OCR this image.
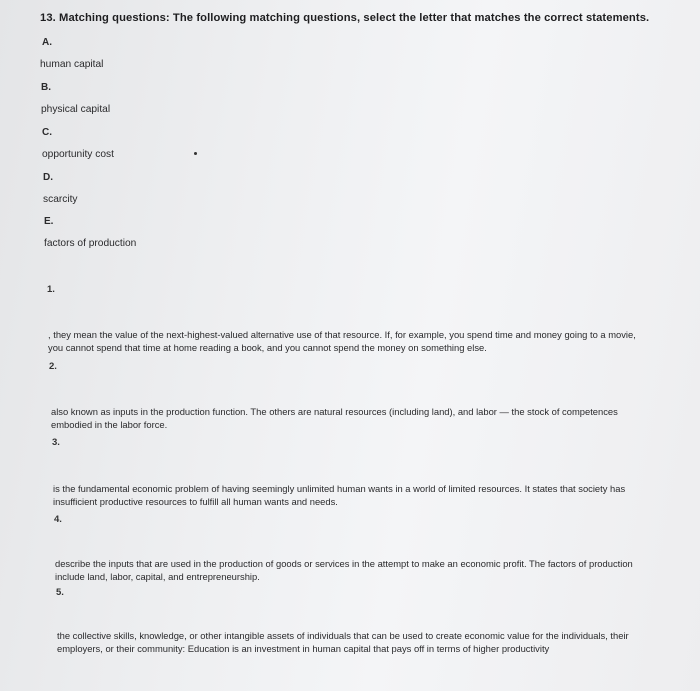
13. Matching questions: The following matching questions, select the letter that matches the correct statements.
A.
human capital
B.
physical capital
C.
opportunity cost
D.
scarcity
E.
factors of production
1.
, they mean the value of the next-highest-valued alternative use of that resource. If, for example, you spend time and money going to a movie, you cannot spend that time at home reading a book, and you cannot spend the money on something else.
2.
also known as inputs in the production function. The others are natural resources (including land), and labor — the stock of competences embodied in the labor force.
3.
is the fundamental economic problem of having seemingly unlimited human wants in a world of limited resources. It states that society has insufficient productive resources to fulfill all human wants and needs.
4.
describe the inputs that are used in the production of goods or services in the attempt to make an economic profit. The factors of production include land, labor, capital, and entrepreneurship.
5.
the collective skills, knowledge, or other intangible assets of individuals that can be used to create economic value for the individuals, their employers, or their community: Education is an investment in human capital that pays off in terms of higher productivity
